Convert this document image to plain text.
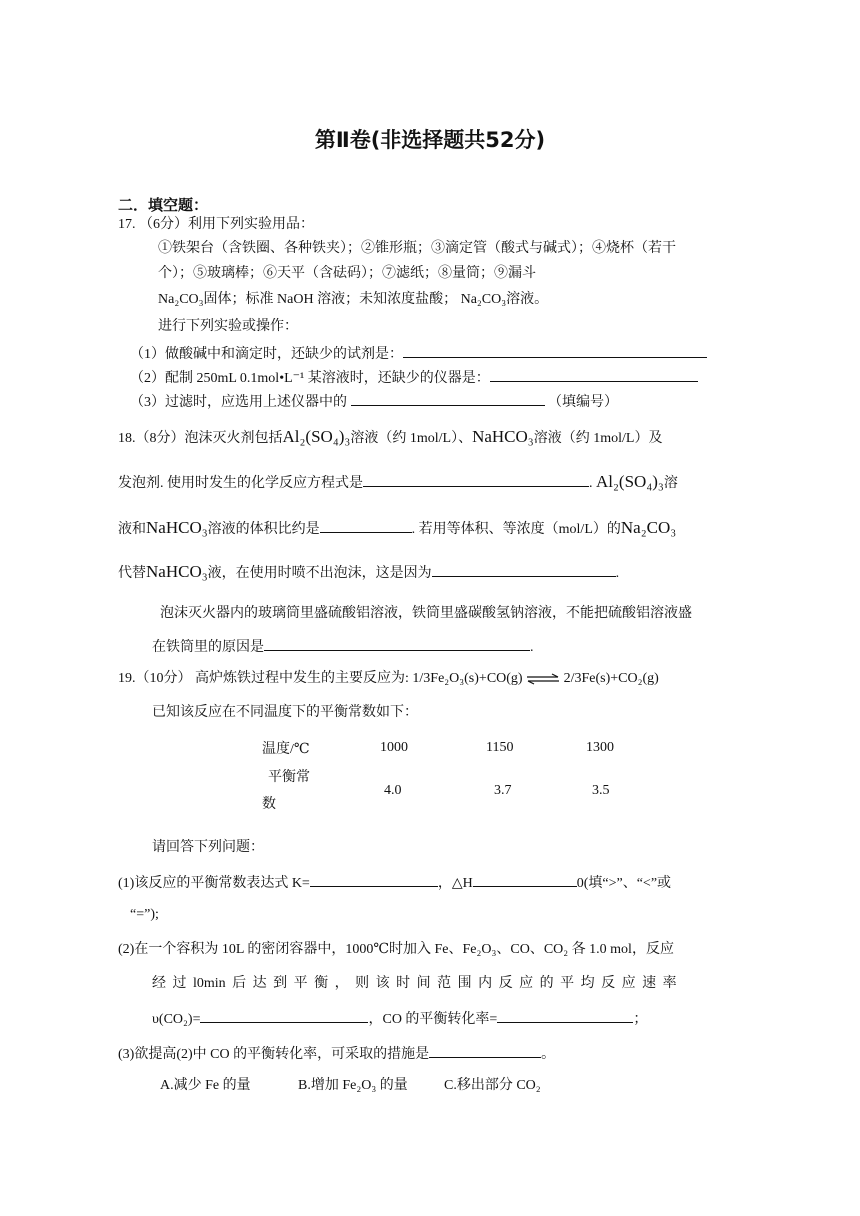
第Ⅱ卷(非选择题共52分)
二．填空题：
17. （6分）利用下列实验用品：
①铁架台（含铁圈、各种铁夹）；②锥形瓶；③滴定管（酸式与碱式）；④烧杯（若干
个）；⑤玻璃棒；⑥天平（含砝码）；⑦滤纸；⑧量筒；⑨漏斗
Na₂CO₃固体；标准 NaOH 溶液；未知浓度盐酸； Na₂CO₃溶液。
进行下列实验或操作：
（1）做酸碱中和滴定时，还缺少的试剂是：
（2）配制 250mL 0.1mol•L⁻¹ 某溶液时，还缺少的仪器是：
（3）过滤时，应选用上述仪器中的	（填编号）
18.（8分）泡沫灭火剂包括Al₂(SO₄)₃溶液（约 1mol/L）、NaHCO₃溶液（约 1mol/L）及
发泡剂. 使用时发生的化学反应方程式是	. Al₂(SO₄)₃溶
液和NaHCO₃溶液的体积比约是	. 若用等体积、等浓度（mol/L）的Na₂CO₃
代替NaHCO₃液，在使用时喷不出泡沫，这是因为	.
泡沫灭火器内的玻璃筒里盛硫酸铝溶液，铁筒里盛碳酸氢钠溶液，不能把硫酸铝溶液盛
在铁筒里的原因是	.
19.（10分） 高炉炼铁过程中发生的主要反应为: 1/3Fe₂O₃(s)+CO(g) ⇌ 2/3Fe(s)+CO₂(g)
已知该反应在不同温度下的平衡常数如下：
温度/℃	1000	1150	1300

平衡常
数	4.0	3.7	3.5
请回答下列问题：
(1)该反应的平衡常数表达式 K=	，△H	0(填“>”、“<”或
“=”);
(2)在一个容积为 10L 的密闭容器中，1000℃时加入 Fe、Fe₂O₃、CO、CO₂ 各 1.0 mol，反应
经 过 l0min 后 达 到 平 衡 ， 则 该 时 间 范 围 内 反 应 的 平 均 反 应 速 率
υ(CO₂)=	，CO 的平衡转化率=	；
(3)欲提高(2)中 CO 的平衡转化率，可采取的措施是	。
A.减少 Fe 的量	B.增加 Fe₂O₃ 的量	C.移出部分 CO₂
